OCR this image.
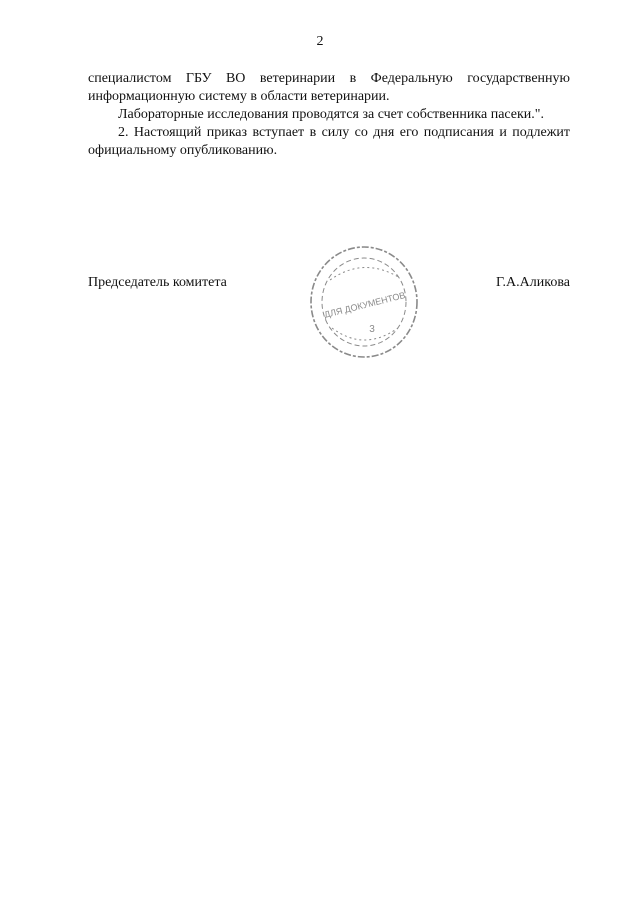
2

специалистом ГБУ ВО ветеринарии в Федеральную государственную информационную систему в области ветеринарии.

Лабораторные исследования проводятся за счет собственника пасеки.".

2. Настоящий приказ вступает в силу со дня его подписания и подлежит официальному опубликованию.

Председатель комитета	Г.А.Аликова
ДЛЯ ДОКУМЕНТОВ
3
